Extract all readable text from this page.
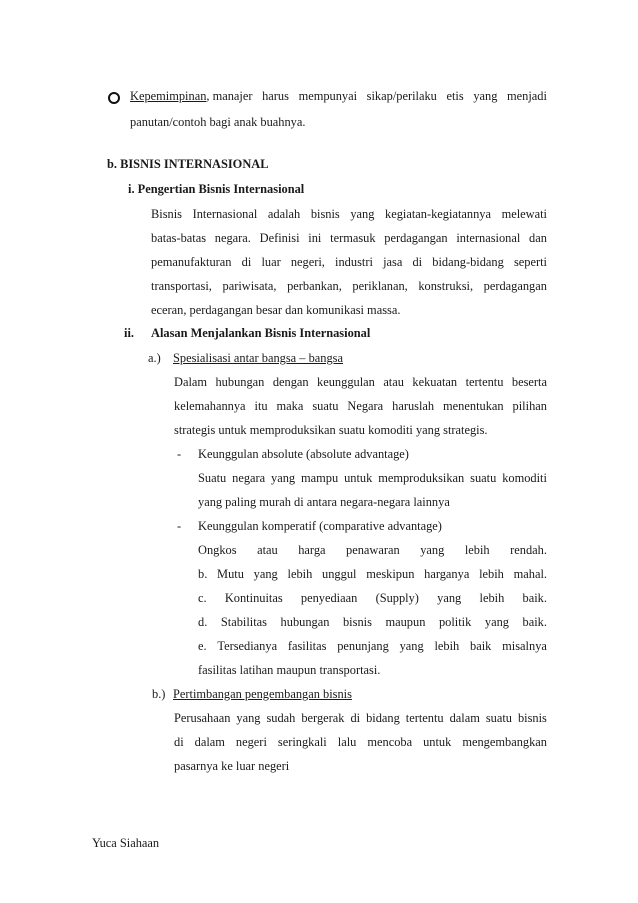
Kepemimpinan, manajer harus mempunyai sikap/perilaku etis yang menjadi
panutan/contoh bagi anak buahnya.
b. BISNIS INTERNASIONAL
i. Pengertian Bisnis Internasional
Bisnis Internasional adalah bisnis yang kegiatan-kegiatannya melewati
batas-batas negara. Definisi ini termasuk perdagangan internasional dan
pemanufakturan di luar negeri, industri jasa di bidang-bidang seperti
transportasi, pariwisata, perbankan, periklanan, konstruksi, perdagangan
eceran, perdagangan besar dan komunikasi massa.
ii. Alasan Menjalankan Bisnis Internasional
a.) Spesialisasi antar bangsa – bangsa
Dalam hubungan dengan keunggulan atau kekuatan tertentu beserta
kelemahannya itu maka suatu Negara haruslah menentukan pilihan
strategis untuk memproduksikan suatu komoditi yang strategis.
- Keunggulan absolute (absolute advantage)
Suatu negara yang mampu untuk memproduksikan suatu komoditi
yang paling murah di antara negara-negara lainnya
- Keunggulan komperatif (comparative advantage)
Ongkos atau harga penawaran yang lebih rendah.
b. Mutu yang lebih unggul meskipun harganya lebih mahal.
c. Kontinuitas penyediaan (Supply) yang lebih baik.
d. Stabilitas hubungan bisnis maupun politik yang baik.
e. Tersedianya fasilitas penunjang yang lebih baik misalnya
fasilitas latihan maupun transportasi.
b.) Pertimbangan pengembangan bisnis
Perusahaan yang sudah bergerak di bidang tertentu dalam suatu bisnis
di dalam negeri seringkali lalu mencoba untuk mengembangkan
pasarnya ke luar negeri
Yuca Siahaan
